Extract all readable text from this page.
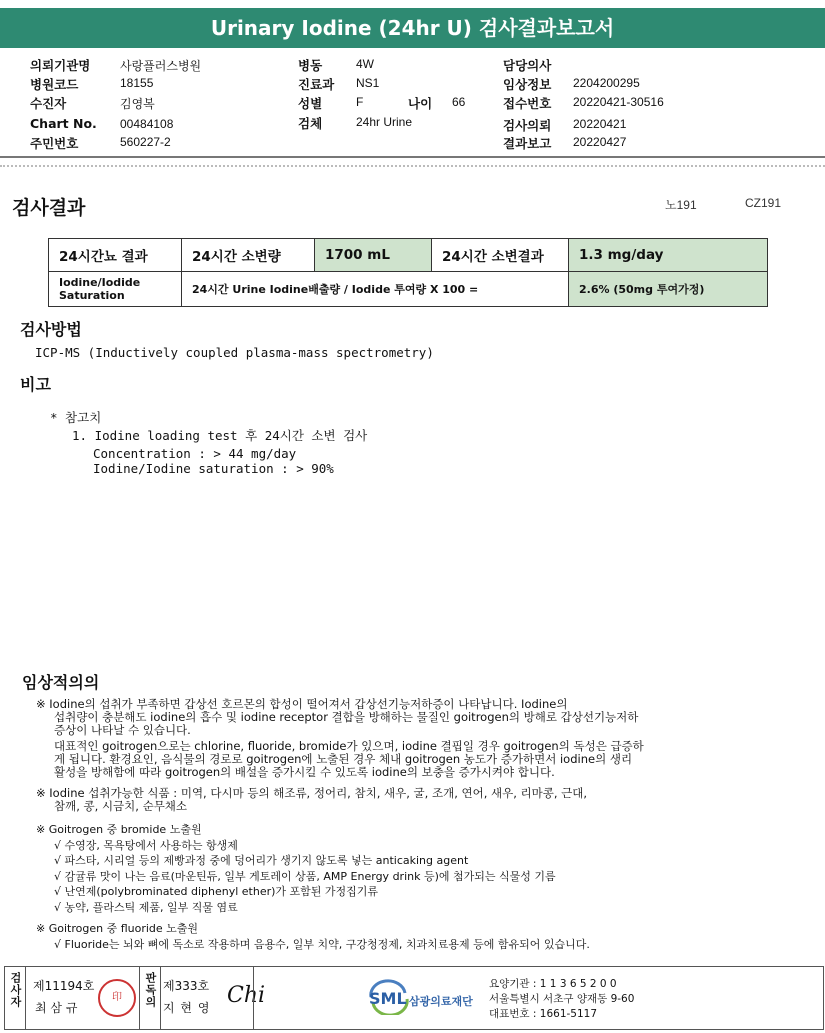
Urinary Iodine (24hr U) 검사결과보고서
의뢰기관명 사랑플러스병원
병원코드	18155
수진자	김영복
Chart No. 00484108
주민번호	560227-2
병동	4W
진료과 NS1
성별	F	나이 66
검체	24hr Urine
담당의사
임상정보 2204200295
접수번호 20220421-30516
검사의뢰 20220421
결과보고 20220427
검사결과	노191	CZ191
24시간뇨 결과	24시간 소변량	1700 mL	24시간 소변결과	1.3 mg/day
Iodine/Iodide Saturation	24시간 Urine Iodine배출량 / Iodide 투여량 X 100 =			2.6% (50mg 투여가정)
검사방법
ICP-MS (Inductively coupled plasma-mass spectrometry)
비고
* 참고치
1. Iodine loading test 후 24시간 소변 검사
Concentration : > 44 mg/day
Iodine/Iodine saturation : > 90%
임상적의의
※ Iodine의 섭취가 부족하면 갑상선 호르몬의 합성이 떨어져서 갑상선기능저하증이 나타납니다. Iodine의
섭취량이 충분해도 iodine의 흡수 및 iodine receptor 결합을 방해하는 물질인 goitrogen의 방해로 갑상선기능저하
증상이 나타날 수 있습니다.
대표적인 goitrogen으로는 chlorine, fluoride, bromide가 있으며, iodine 결핍일 경우 goitrogen의 독성은 급증하
게 됩니다. 환경요인, 음식물의 경로로 goitrogen에 노출된 경우 체내 goitrogen 농도가 증가하면서 iodine의 생리
활성을 방해함에 따라 goitrogen의 배설을 증가시킬 수 있도록 iodine의 보충을 증가시켜야 합니다.
※ Iodine 섭취가능한 식품 : 미역, 다시마 등의 해조류, 정어리, 참치, 새우, 굴, 조개, 연어, 새우, 리마콩, 근대,
참깨, 콩, 시금치, 순무채소
※ Goitrogen 중 bromide 노출원
√ 수영장, 목욕탕에서 사용하는 항생제
√ 파스타, 시리얼 등의 제빵과정 중에 덩어리가 생기지 않도록 넣는 anticaking agent
√ 감귤류 맛이 나는 음료(마운틴듀, 일부 게토레이 상품, AMP Energy drink 등)에 첨가되는 식물성 기름
√ 난연제(polybrominated diphenyl ether)가 포함된 가정집기류
√ 농약, 플라스틱 제품, 일부 직물 염료
※ Goitrogen 중 fluoride 노출원
√ Fluoride는 뇌와 뼈에 독소로 작용하며 음용수, 일부 치약, 구강청정제, 치과치료용제 등에 함유되어 있습니다.
검사자 제11194호
최 삼 규
印	판독의 제333호
지 현 영 Chi	SML 삼광의료재단
요양기관 : 1 1 3 6 5 2 0 0
서울특별시 서초구 양재동 9-60
대표번호 : 1661-5117
